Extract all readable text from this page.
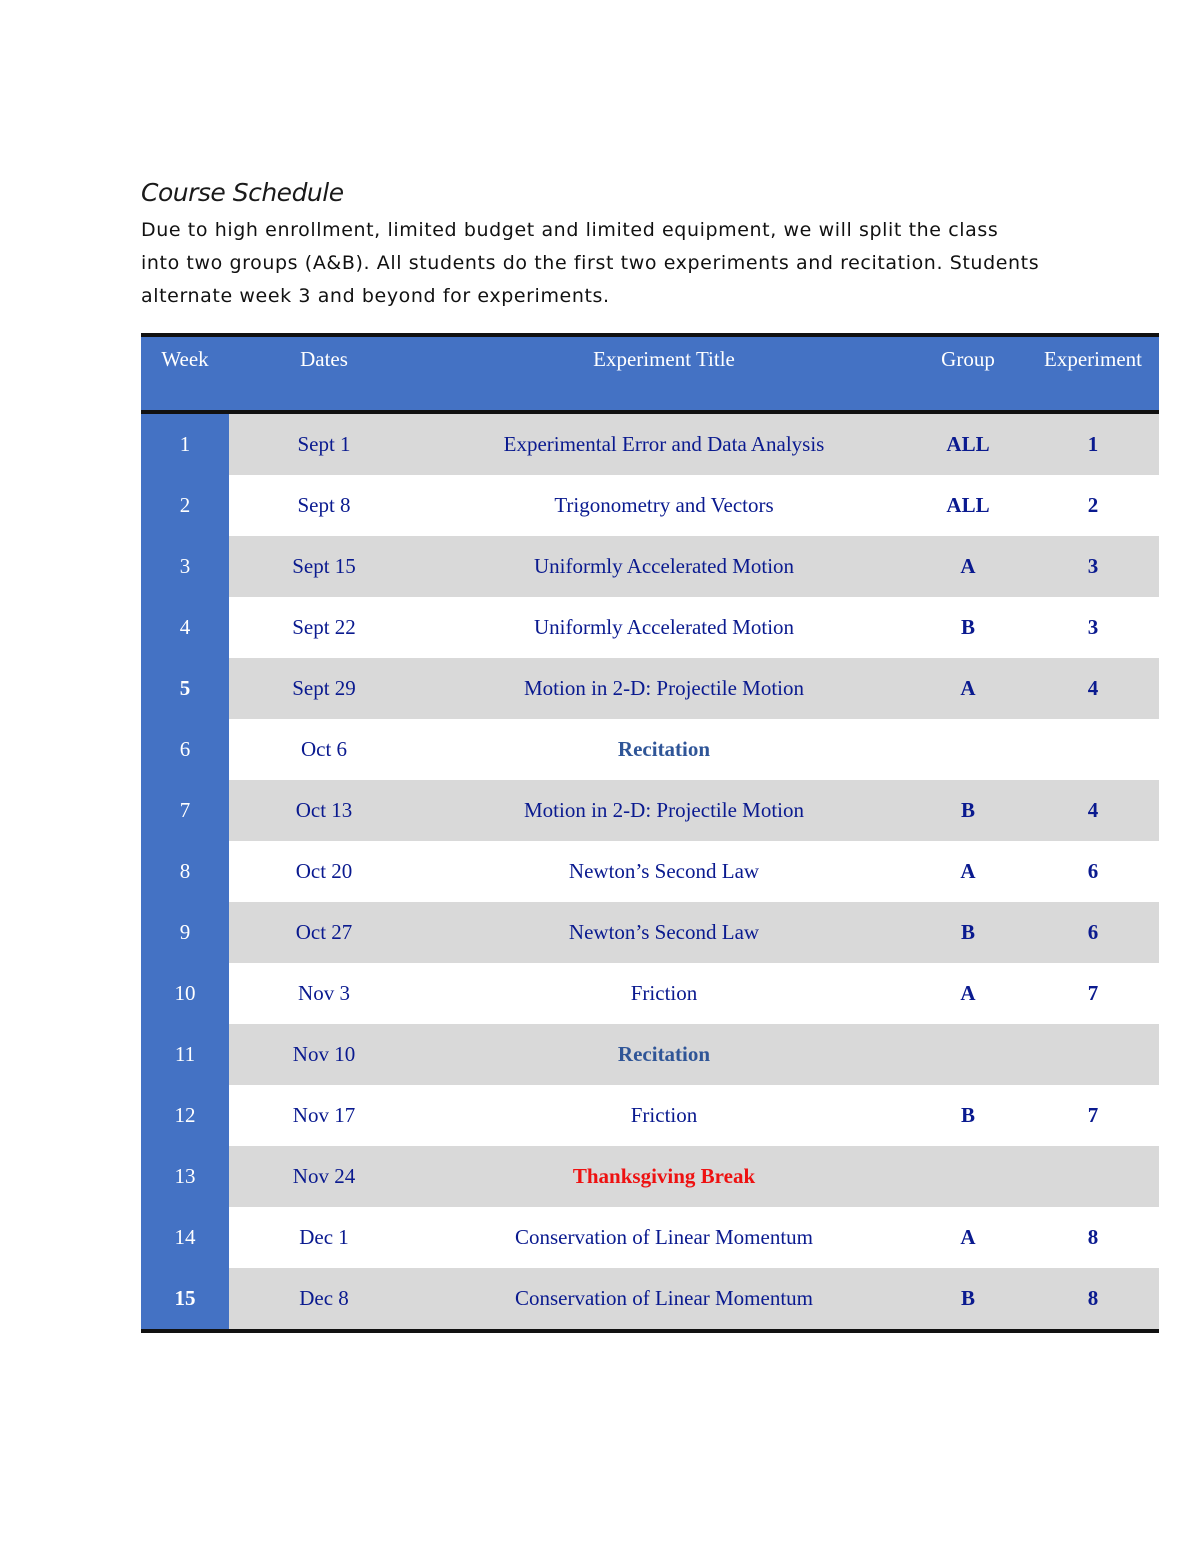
Course Schedule
Due to high enrollment, limited budget and limited equipment, we will split the class into two groups (A&B). All students do the first two experiments and recitation. Students alternate week 3 and beyond for experiments.
Week	Dates	Experiment Title	Group	Experiment
1	Sept 1	Experimental Error and Data Analysis	ALL	1
2	Sept 8	Trigonometry and Vectors	ALL	2
3	Sept 15	Uniformly Accelerated Motion	A	3
4	Sept 22	Uniformly Accelerated Motion	B	3
5	Sept 29	Motion in 2-D: Projectile Motion	A	4
6	Oct 6	Recitation		
7	Oct 13	Motion in 2-D: Projectile Motion	B	4
8	Oct 20	Newton’s Second Law	A	6
9	Oct 27	Newton’s Second Law	B	6
10	Nov 3	Friction	A	7
11	Nov 10	Recitation		
12	Nov 17	Friction	B	7
13	Nov 24	Thanksgiving Break		
14	Dec 1	Conservation of Linear Momentum	A	8
15	Dec 8	Conservation of Linear Momentum	B	8
